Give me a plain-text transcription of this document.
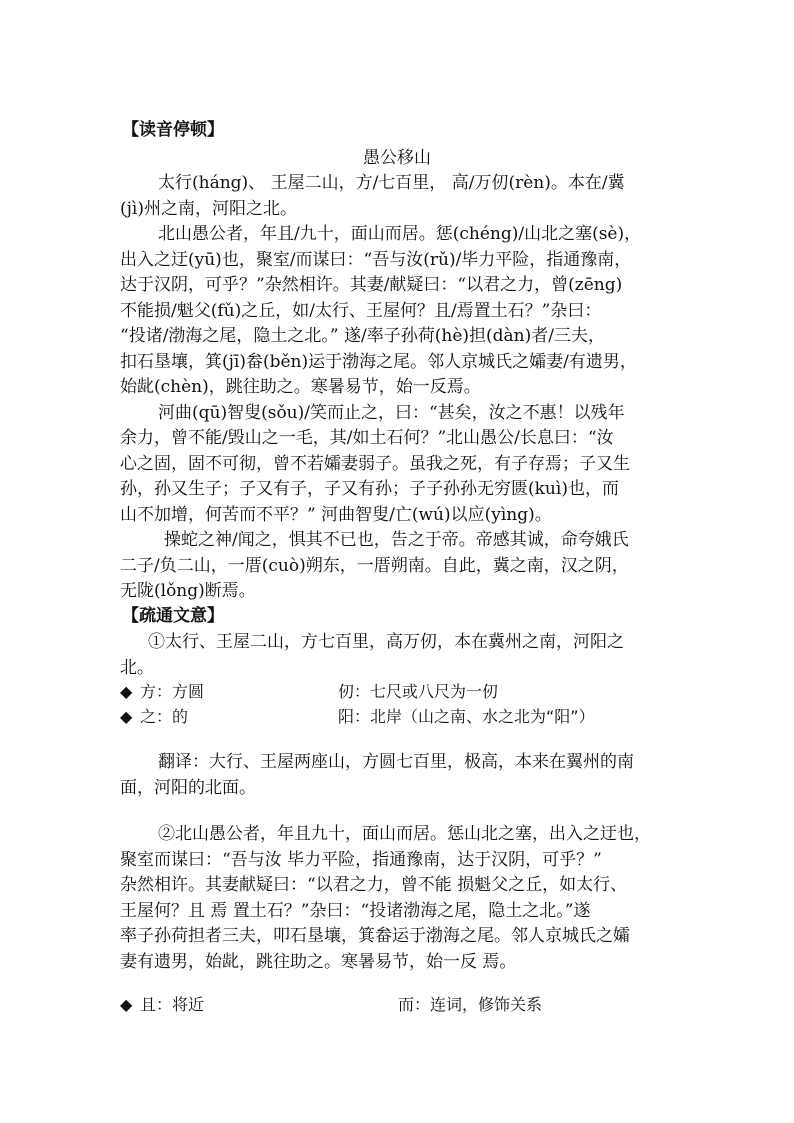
【读音停顿】
愚公移山
太行(háng)、 王屋二山，方/七百里， 高/万仞(rèn)。本在/冀
(jì)州之南，河阳之北。
北山愚公者，年且/九十，面山而居。惩(chéng)/山北之塞(sè)，
出入之迂(yū)也，聚室/而谋曰：“吾与汝(rǔ)/毕力平险，指通豫南，
达于汉阴，可乎？”杂然相许。其妻/献疑曰：“以君之力，曾(zēng)
不能损/魁父(fǔ)之丘，如/太行、王屋何？且/焉置土石？”杂曰：
“投诸/渤海之尾，隐土之北。” 遂/率子孙荷(hè)担(dàn)者/三夫，
扣石垦壤，箕(jī)畚(běn)运于渤海之尾。邻人京城氏之孀妻/有遗男，
始龀(chèn)，跳往助之。寒暑易节，始一反焉。
河曲(qū)智叟(sǒu)/笑而止之，曰：“甚矣，汝之不惠！以残年
余力，曾不能/毁山之一毛，其/如土石何？”北山愚公/长息曰：“汝
心之固，固不可彻，曾不若孀妻弱子。虽我之死，有子存焉；子又生
孙，孙又生子；子又有子，子又有孙；子子孙孙无穷匮(kuì)也，而
山不加增，何苦而不平？” 河曲智叟/亡(wú)以应(yìng)。
操蛇之神/闻之，惧其不已也，告之于帝。帝感其诚，命夸娥氏
二子/负二山，一厝(cuò)朔东，一厝朔南。自此，冀之南，汉之阴，
无陇(lǒng)断焉。
【疏通文意】
①太行、王屋二山，方七百里，高万仞，本在冀州之南，河阳之
北。
◆ 方：方圆	仞：七尺或八尺为一仞
◆ 之：的	阳：北岸（山之南、水之北为“阳”）
翻译：大行、王屋两座山，方圆七百里，极高，本来在翼州的南
面，河阳的北面。
②北山愚公者，年且九十，面山而居。惩山北之塞，出入之迂也，
聚室而谋曰：“吾与汝 毕力平险，指通豫南，达于汉阴，可乎？”
杂然相许。其妻献疑曰：“以君之力，曾不能 损魁父之丘，如太行、
王屋何？且 焉 置土石？”杂曰：“投诸渤海之尾，隐土之北。”遂
率子孙荷担者三夫，叩石垦壤，箕畚运于渤海之尾。邻人京城氏之孀
妻有遗男，始龀，跳往助之。寒暑易节，始一反 焉。
◆ 且：将近	而：连词，修饰关系
